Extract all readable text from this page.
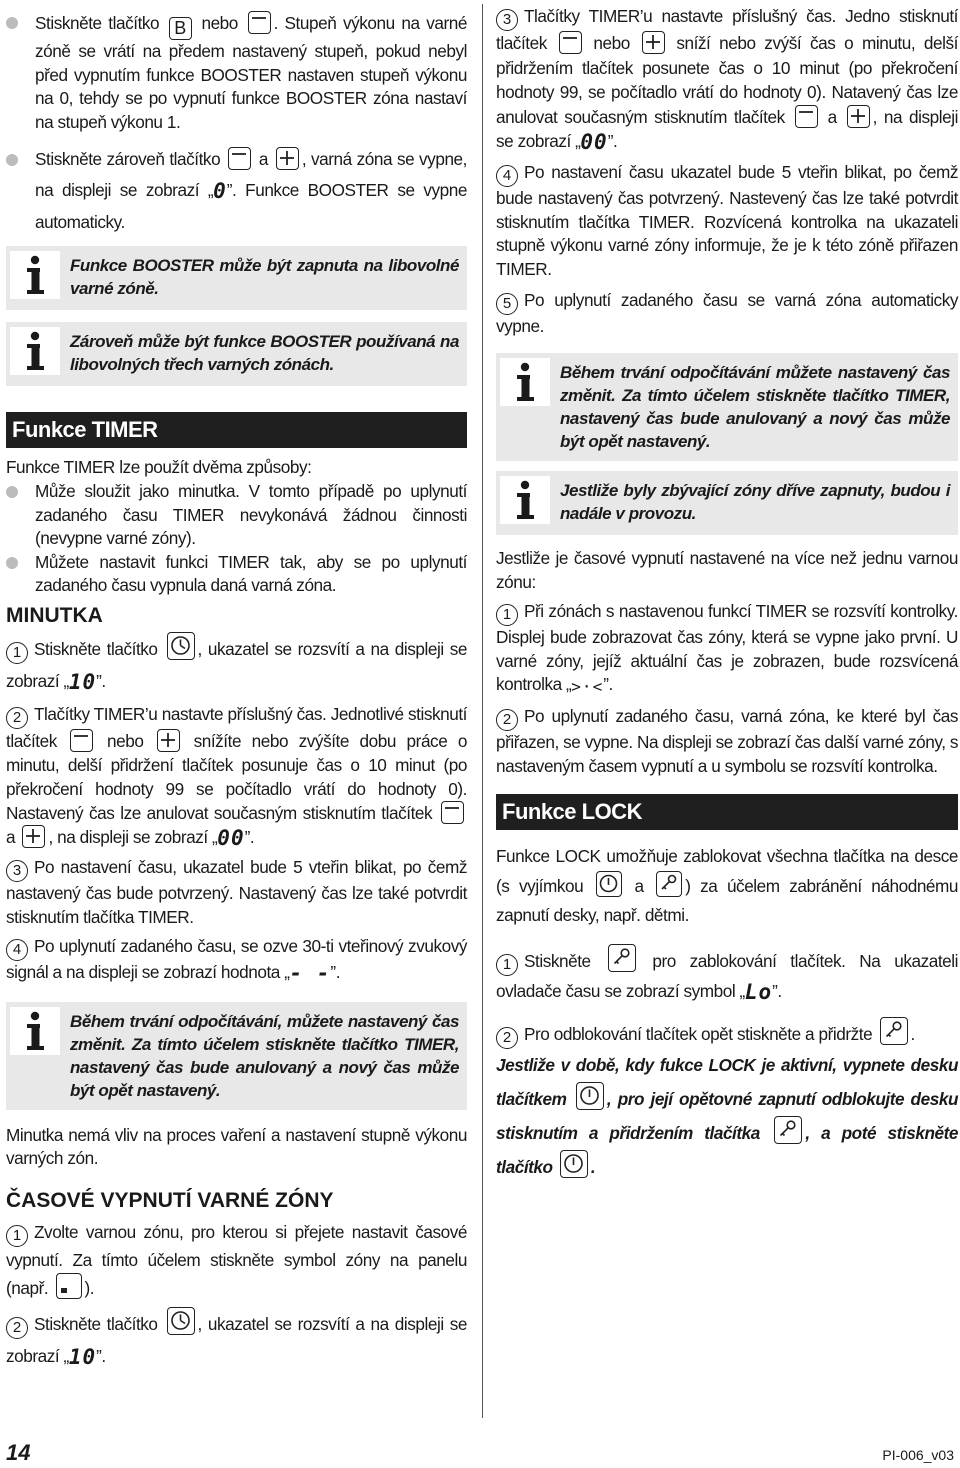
Stiskněte tlačítko B nebo
. Stupeň výkonu na varné zóně se vrátí na předem nastavený stupeň, pokud nebyl před vypnutím funkce BOOSTER nastaven stupeň výkonu na 0, tehdy se po vypnutí funkce BOOSTER zóna nastaví na stupeň výkonu 1.

Stiskněte zároveň tlačítko
a
, varná zóna se vypne, na displeji se zobrazí „0”. Funkce BOOSTER se vypne automaticky.

Funkce BOOSTER může být zapnuta na libovolné varné zóně.

Zároveň může být funkce BOOSTER používaná na libovolných třech varných zónách.

Funkce TIMER

Funkce TIMER lze použít dvěma způsoby:

Může sloužit jako minutka. V tomto případě po uplynutí zadaného času TIMER nevykonává žádnou činnosti (nevypne varné zóny).

Můžete nastavit funkci TIMER tak, aby se po uplynutí zadaného času vypnula daná varná zóna.

MINUTKA

1 Stiskněte tlačítko
, ukazatel se rozsvítí a na displeji se zobrazí „10”.

2 Tlačítky TIMER’u nastavte příslušný čas. Jednotlivé stisknutí tlačítek
nebo
snížíte nebo zvýšíte dobu práce o minutu, delší přidržení tlačítek posunuje čas o 10 minut (po překročení hodnoty 99 se počítadlo vrátí do hodnoty 0). Nastavený čas lze anulovat současným stisknutím tlačítek
a
, na displeji se zobrazí „00”.

3 Po nastavení času, ukazatel bude 5 vteřin blikat, po čemž nastavený čas bude potvrzený. Nastavený čas lze také potvrdit stisknutím tlačítka TIMER.

4 Po uplynutí zadaného času, se ozve 30-ti vteřinový zvukový signál a na displeji se zobrazí hodnota „- -”.

Během trvání odpočítávání, můžete nastavený čas změnit. Za tímto účelem stiskněte tlačítko TIMER, nastavený čas bude anulovaný a nový čas může být opět nastavený.

Minutka nemá vliv na proces vaření a nastavení stupně výkonu varných zón.

ČASOVÉ VYPNUTÍ VARNÉ ZÓNY

1 Zvolte varnou zónu, pro kterou si přejete nastavit časové vypnutí. Za tímto účelem stiskněte symbol zóny na panelu (např.
).

2 Stiskněte tlačítko
, ukazatel se rozsvítí a na displeji se zobrazí „10”.

3 Tlačítky TIMER’u nastavte příslušný čas. Jedno stisknutí tlačítek
nebo
sníží nebo zvýší čas o minutu, delší přidržením tlačítek posunete čas o 10 minut (po překročení hodnoty 99, se počítadlo vrátí do hodnoty 0). Natavený čas lze anulovat současným stisknutím tlačítek
a
, na displeji se zobrazí „00”.

4 Po nastavení času ukazatel bude 5 vteřin blikat, po čemž bude nastavený čas potvrzený. Nastevený čas lze také potvrdit stisknutím tlačítka TIMER. Rozvícená kontrolka na ukazateli stupně výkonu varné zóny informuje, že je k této zóně přiřazen TIMER.

5 Po uplynutí zadaného času se varná zóna automaticky vypne.

Během trvání odpočítávání můžete nastavený čas změnit. Za tímto účelem stiskněte tlačítko TIMER, nastavený čas bude anulovaný a nový čas může být opět nastavený.

Jestliže byly zbývající zóny dříve zapnuty, budou i nadále v provozu.

Jestliže je časové vypnutí nastavené na více než jednu varnou zónu:

1 Při zónách s nastavenou funkcí TIMER se rozsvítí kontrolky. Displej bude zobrazovat čas zóny, která se vypne jako první. U varné zóny, jejíž aktuální čas je zobrazen, bude rozsvícená kontrolka „>·<”.

2 Po uplynutí zadaného času, varná zóna, ke které byl čas přiřazen, se vypne. Na displeji se zobrazí čas další varné zóny, s nastaveným časem vypnutí a u symbolu se rozsvítí kontrolka.

Funkce LOCK

Funkce LOCK umožňuje zablokovat všechna tlačítka na desce (s vyjímkou
a
) za účelem zabránění náhodnému zapnutí desky, např. dětmi.

1 Stiskněte
pro zablokování tlačítek. Na ukazateli ovladače času se zobrazí symbol „Lo”.

2 Pro odblokování tlačítek opět stiskněte a přidržte
.

Jestliže v době, kdy fukce LOCK je aktivní, vypnete desku tlačítkem
, pro její opětovné zapnutí odblokujte desku stisknutím a přidržením tlačítka
, a poté stiskněte tlačítko
.

14	PI-006_v03
